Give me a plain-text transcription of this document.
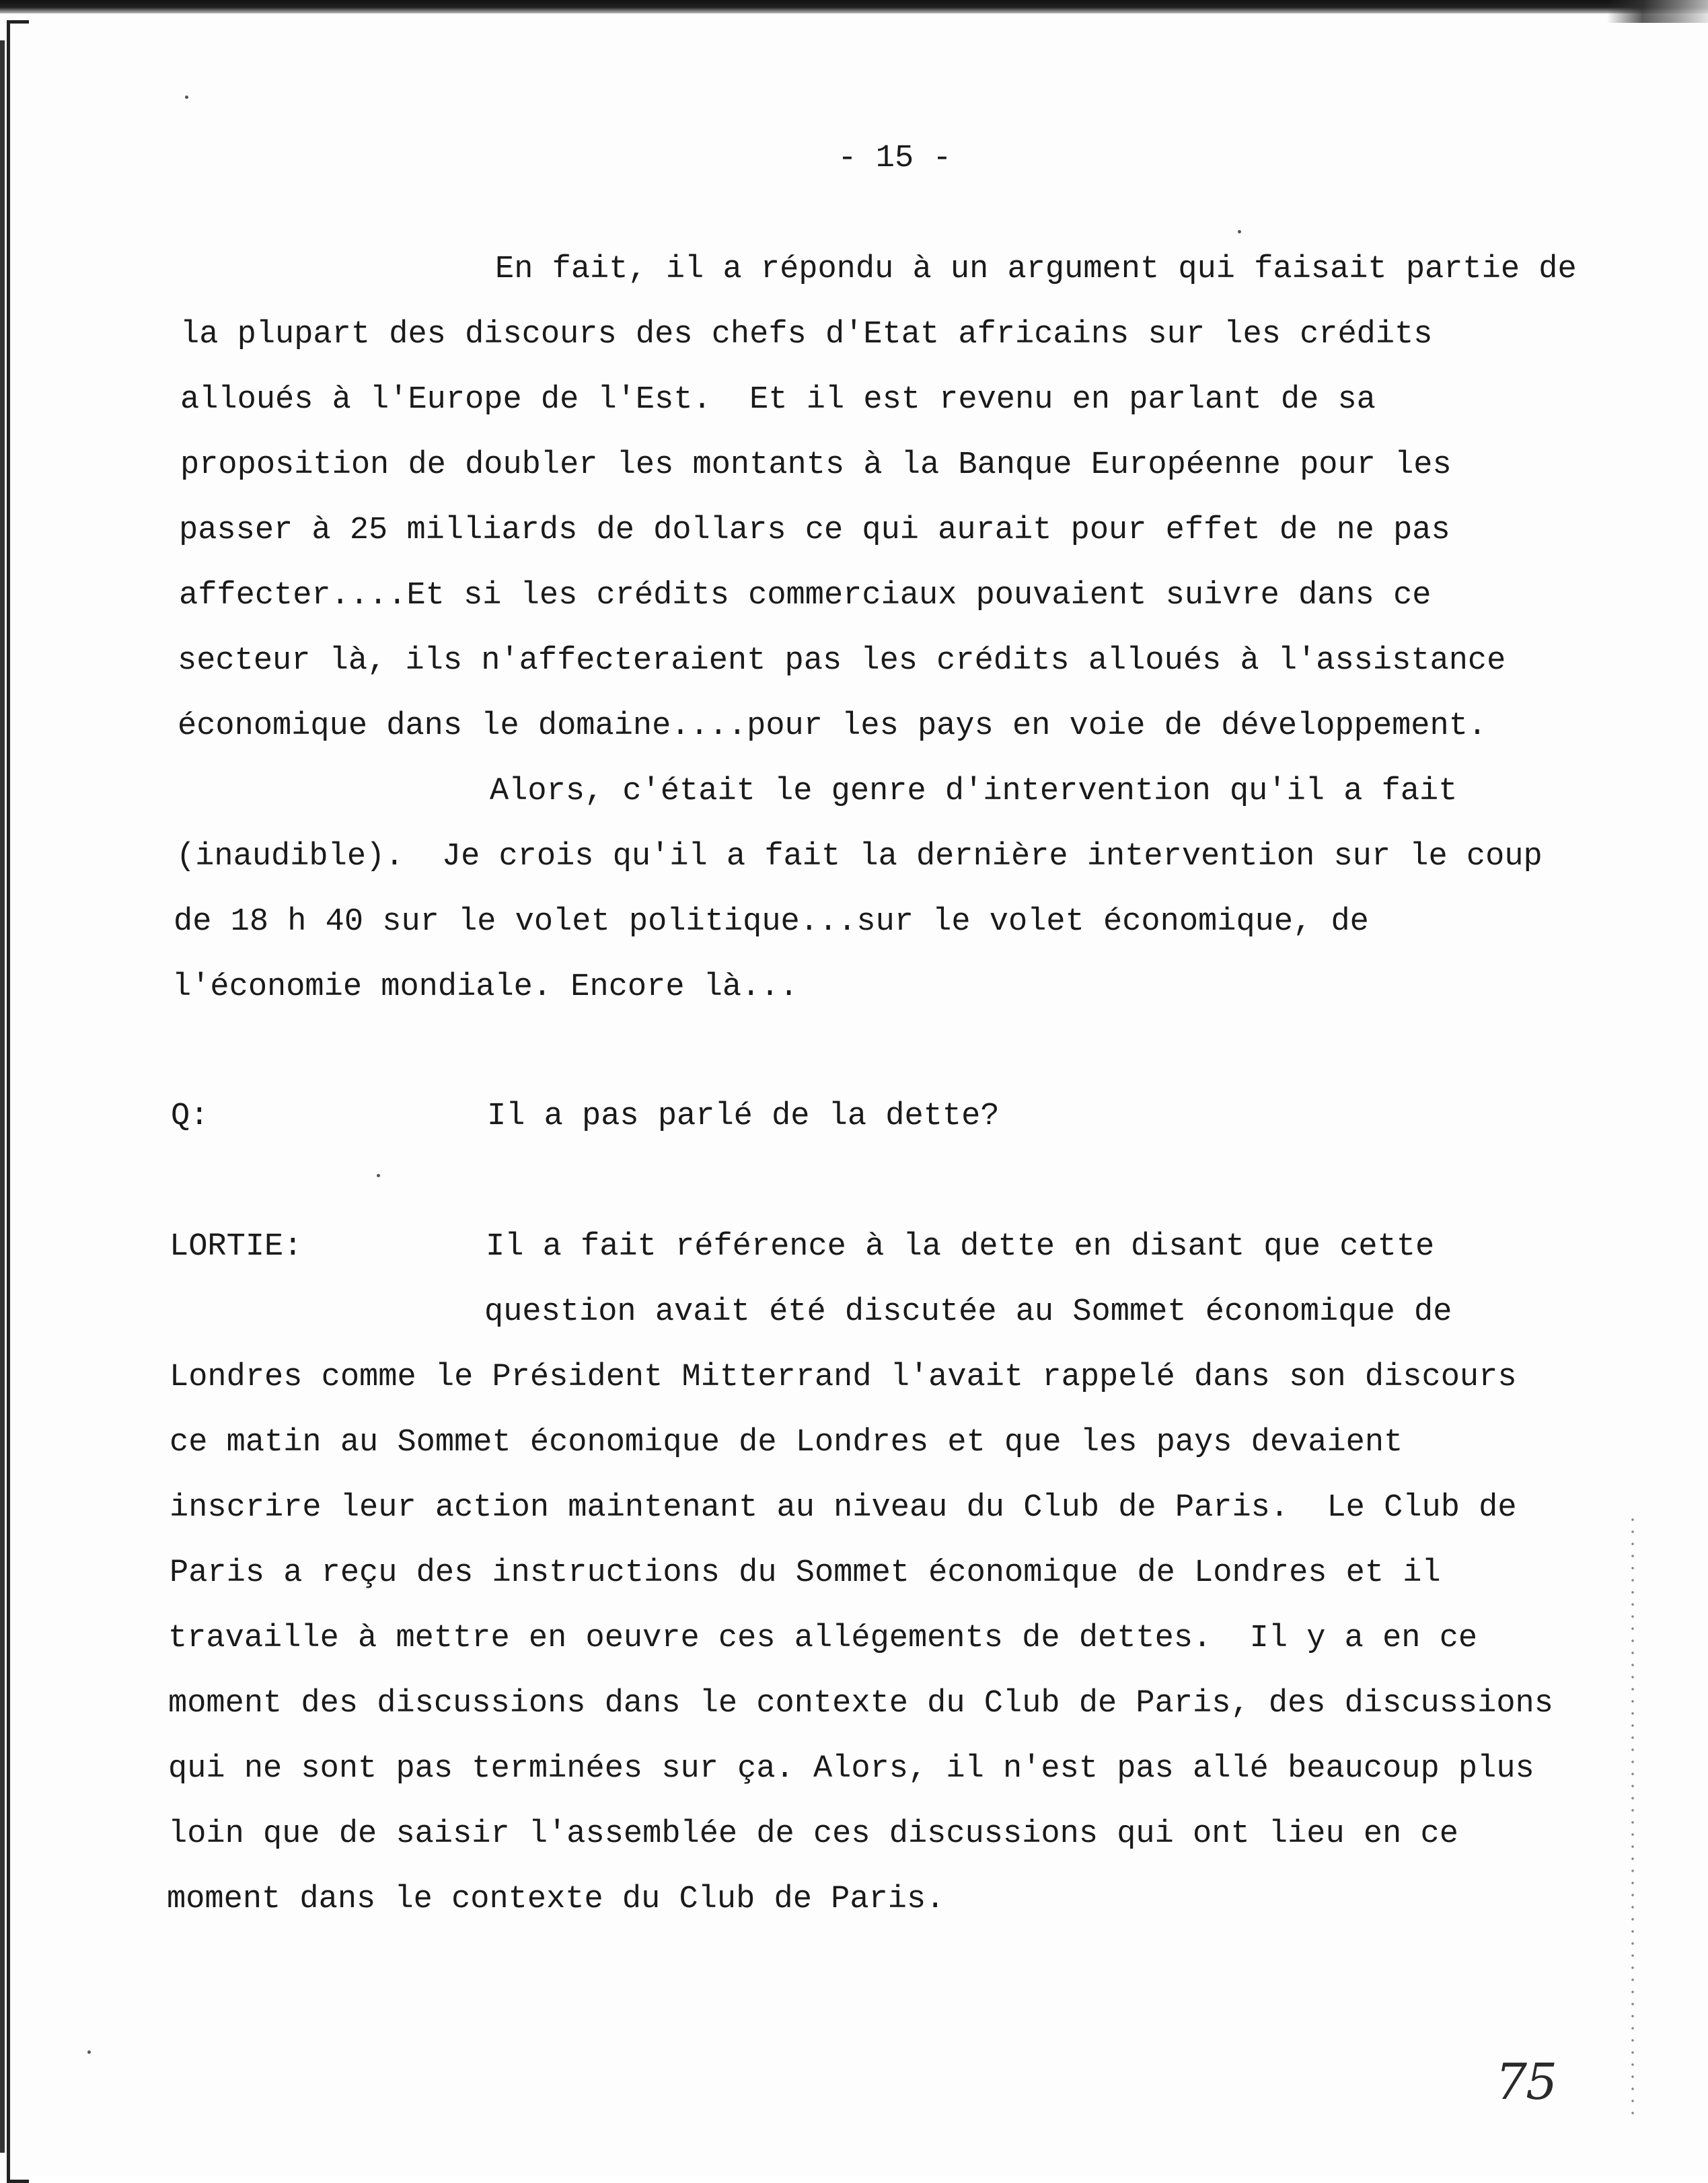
- 15 -
En fait, il a répondu à un argument qui faisait partie de
la plupart des discours des chefs d'Etat africains sur les crédits
alloués à l'Europe de l'Est.  Et il est revenu en parlant de sa
proposition de doubler les montants à la Banque Européenne pour les
passer à 25 milliards de dollars ce qui aurait pour effet de ne pas
affecter....Et si les crédits commerciaux pouvaient suivre dans ce
secteur là, ils n'affecteraient pas les crédits alloués à l'assistance
économique dans le domaine....pour les pays en voie de développement.
Alors, c'était le genre d'intervention qu'il a fait
(inaudible).  Je crois qu'il a fait la dernière intervention sur le coup
de 18 h 40 sur le volet politique...sur le volet économique, de
l'économie mondiale. Encore là...
Q:	Il a pas parlé de la dette?
LORTIE:	Il a fait référence à la dette en disant que cette
question avait été discutée au Sommet économique de
Londres comme le Président Mitterrand l'avait rappelé dans son discours
ce matin au Sommet économique de Londres et que les pays devaient
inscrire leur action maintenant au niveau du Club de Paris.  Le Club de
Paris a reçu des instructions du Sommet économique de Londres et il
travaille à mettre en oeuvre ces allégements de dettes.  Il y a en ce
moment des discussions dans le contexte du Club de Paris, des discussions
qui ne sont pas terminées sur ça. Alors, il n'est pas allé beaucoup plus
loin que de saisir l'assemblée de ces discussions qui ont lieu en ce
moment dans le contexte du Club de Paris.
75
